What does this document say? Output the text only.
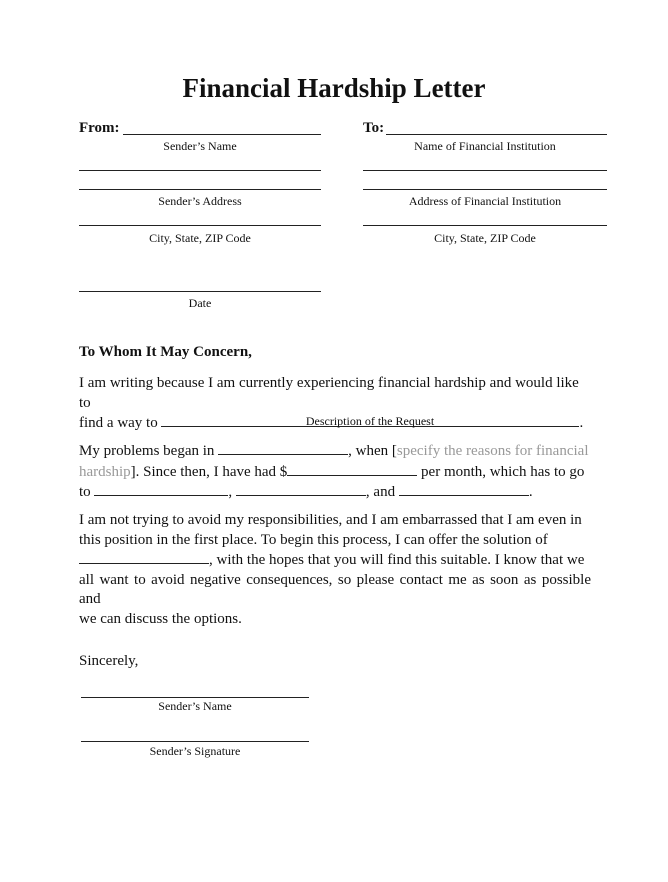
Financial Hardship Letter
From:
Sender’s Name
Sender’s Address
City, State, ZIP Code
Date
To:
Name of Financial Institution
Address of Financial Institution
City, State, ZIP Code
To Whom It May Concern,
I am writing because I am currently experiencing financial hardship and would like to
find a way to	.
Description of the Request
My problems began in	, when [specify the reasons for financial
hardship]. Since then, I have had $	per month, which has to go
to	,	, and	.
I am not trying to avoid my responsibilities, and I am embarrassed that I am even in
this position in the first place. To begin this process, I can offer the solution of
, with the hopes that you will find this suitable. I know that we
all want to avoid negative consequences, so please contact me as soon as possible and
we can discuss the options.
Sincerely,
Sender’s Name
Sender’s Signature
